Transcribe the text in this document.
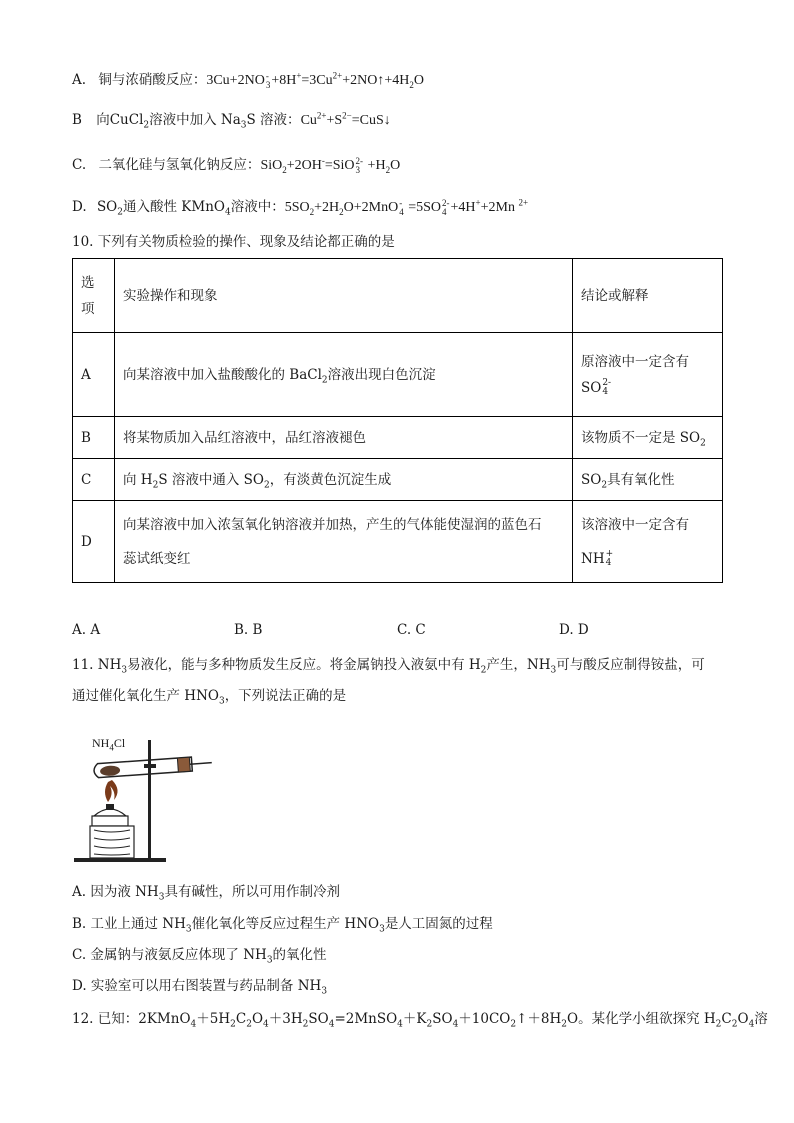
A. 铜与浓硝酸反应：3Cu+2NO -
$3 +8H^+=3Cu^{2+}+2NO↑+4H_2O$
B 向CuCl$_2$溶液中加入 $Na_3S$ 溶液：$Cu^{2+}+S^{2-}=CuS↓$
C. 二氧化硅与氢氧化钠反应：SiO$_2$+2OH-=SiO 2-
$3 +H_2O$
D. $SO_2$通入酸性 KMnO$_4$溶液中：$5SO_2+2H_2O+2MnO$ -
4 =5SO 2-
4 +4H++2Mn $^{2+}$
10. 下列有关物质检验的操作、现象及结论都正确的是
选
项	实验操作和现象	结论或解释
A	向某溶液中加入盐酸酸化的 BaCl$_2$溶液出现白色沉淀	原溶液中一定含有
SO 2-
4

B	将某物质加入品红溶液中，品红溶液褪色	该物质不一定是 $SO_2$
C	向 $H_2S$ 溶液中通入 $SO_2$，有淡黄色沉淀生成	$SO_2$具有氧化性
D	向某溶液中加入浓氢氧化钠溶液并加热，产生的气体能使湿润的蓝色石
蕊试纸变红	该溶液中一定含有
NH +
4
A. A	B. B	C. C	D. D
11. $NH_3$易液化，能与多种物质发生反应。将金属钠投入液氨中有 $H_2$产生，$NH_3$可与酸反应制得铵盐，可
通过催化氧化生产 $HNO_3$，下列说法正确的是
$NH_4Cl$
A. 因为液 $NH_3$具有碱性，所以可用作制冷剂
B. 工业上通过 $NH_3$催化氧化等反应过程生产 $HNO_3$是人工固氮的过程
C. 金属钠与液氨反应体现了 $NH_3$的氧化性
D. 实验室可以用右图装置与药品制备 $NH_3$
12. 已知：$2KMnO_4+5H_2C_2O_4+3H_2SO_4=2MnSO_4+K_2SO_4+10CO_2↑+8H_2O$。某化学小组欲探究 $H_2C_2O_4$溶
